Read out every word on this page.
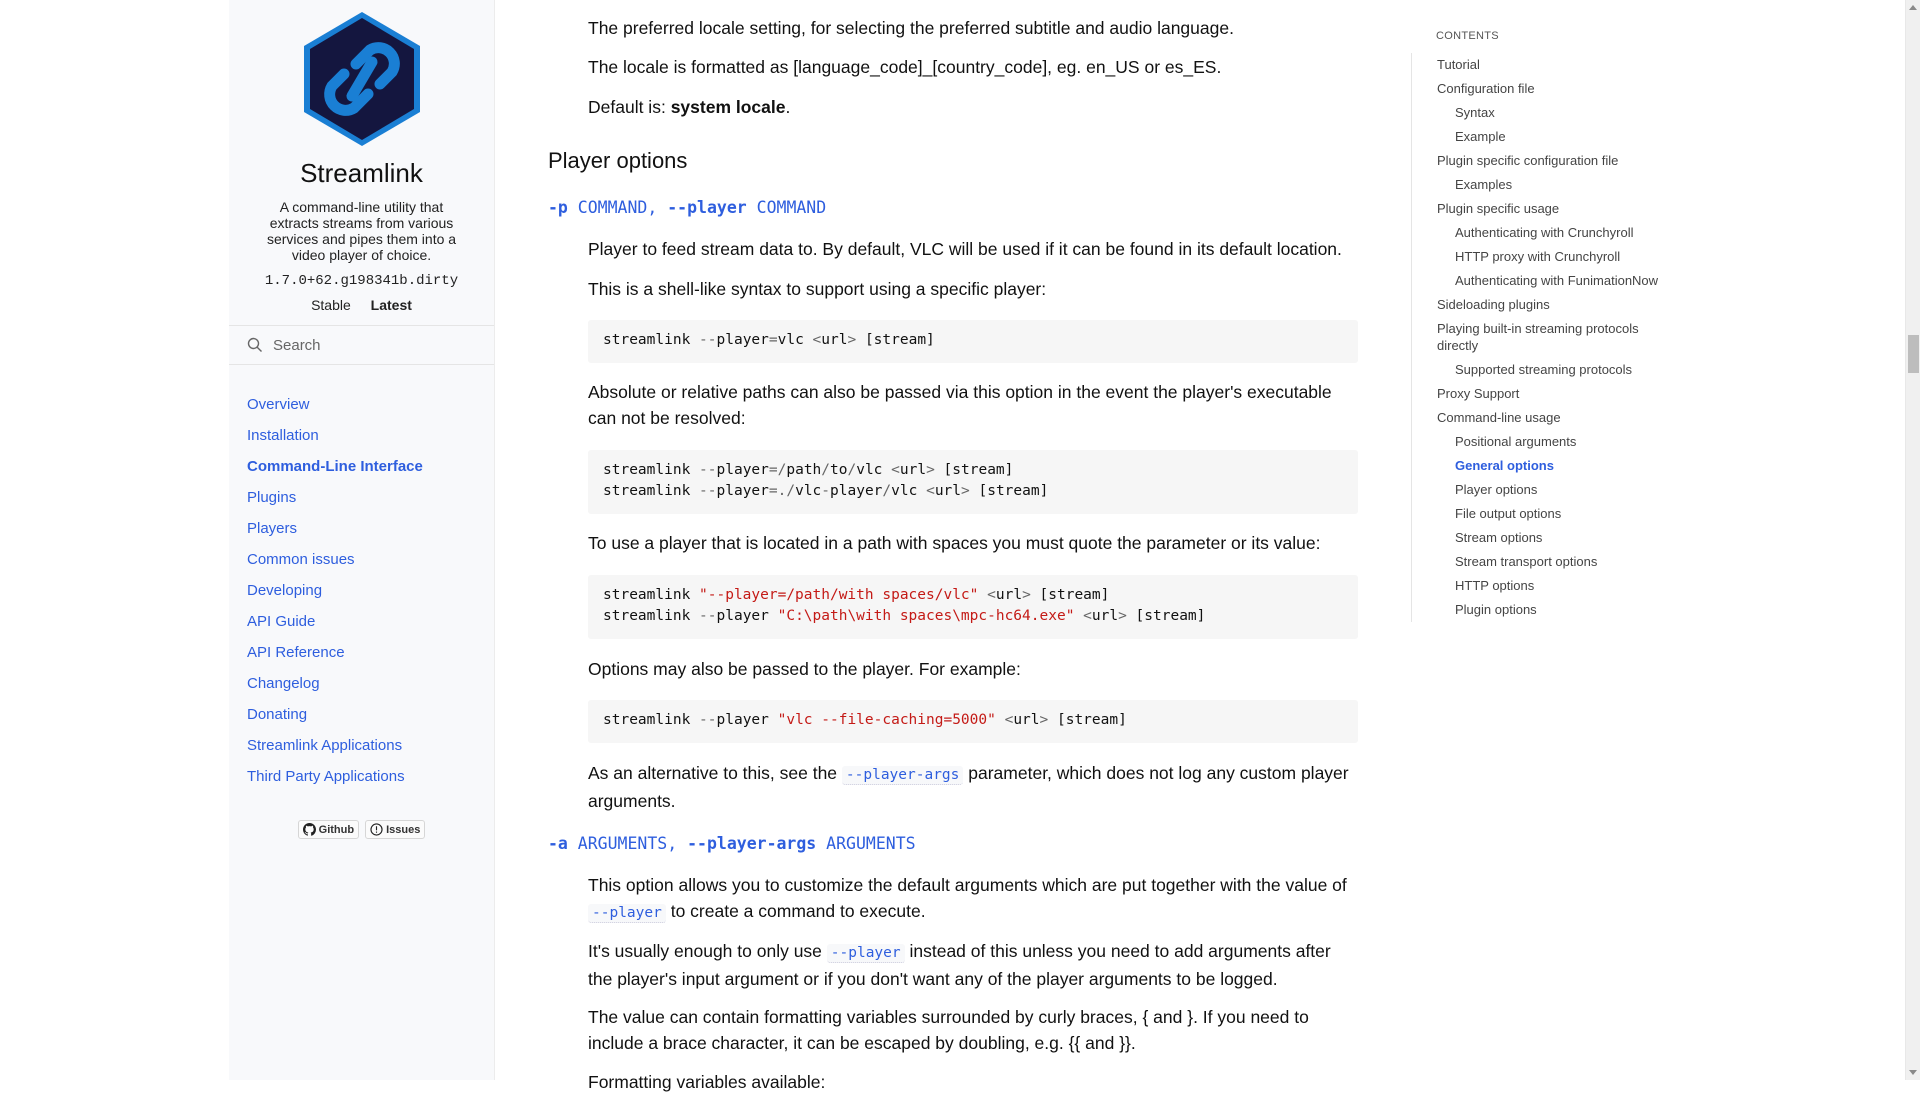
Streamlink
A command-line utility that extracts streams from various services and pipes them into a video player of choice.
1.7.0+62.g198341b.dirty
Stable Latest
Search
Overview
Installation
Command-Line Interface
Plugins
Players
Common issues
Developing
API Guide
API Reference
Changelog
Donating
Streamlink Applications
Third Party Applications
Github	Issues

The preferred locale setting, for selecting the preferred subtitle and audio language.

The locale is formatted as [language_code]_[country_code], eg. en_US or es_ES.

Default is: system locale.

Player options
-p COMMAND, --player COMMAND

Player to feed stream data to. By default, VLC will be used if it can be found in its default location.

This is a shell-like syntax to support using a specific player:

streamlink --player=vlc <url> [stream]

Absolute or relative paths can also be passed via this option in the event the player's executable can not be resolved:

streamlink --player=/path/to/vlc <url> [stream]
streamlink --player=./vlc-player/vlc <url> [stream]

To use a player that is located in a path with spaces you must quote the parameter or its value:

streamlink "--player=/path/with spaces/vlc" <url> [stream]
streamlink --player "C:\path\with spaces\mpc-hc64.exe" <url> [stream]

Options may also be passed to the player. For example:

streamlink --player "vlc --file-caching=5000" <url> [stream]

As an alternative to this, see the --player-args parameter, which does not log any custom player arguments.

-a ARGUMENTS, --player-args ARGUMENTS

This option allows you to customize the default arguments which are put together with the value of --player to create a command to execute.

It's usually enough to only use --player instead of this unless you need to add arguments after the player's input argument or if you don't want any of the player arguments to be logged.

The value can contain formatting variables surrounded by curly braces, { and }. If you need to include a brace character, it can be escaped by doubling, e.g. {{ and }}.

Formatting variables available:

CONTENTS
Tutorial
Configuration file
Syntax
Example
Plugin specific configuration file
Examples
Plugin specific usage
Authenticating with Crunchyroll
HTTP proxy with Crunchyroll
Authenticating with FunimationNow
Sideloading plugins
Playing built-in streaming protocols directly
Supported streaming protocols
Proxy Support
Command-line usage
Positional arguments
General options
Player options
File output options
Stream options
Stream transport options
HTTP options
Plugin options
